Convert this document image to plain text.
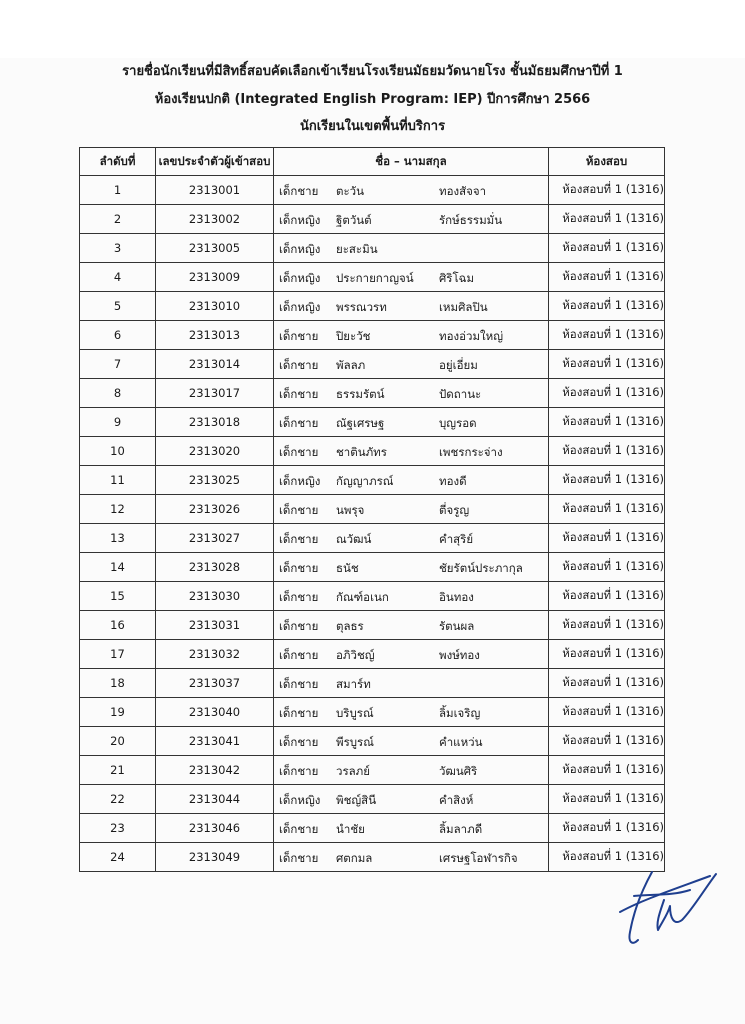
รายชื่อนักเรียนที่มีสิทธิ์สอบคัดเลือกเข้าเรียนโรงเรียนมัธยมวัดนายโรง ชั้นมัธยมศึกษาปีที่ 1
ห้องเรียนปกติ (Integrated English Program: IEP) ปีการศึกษา 2566
นักเรียนในเขตพื้นที่บริการ
ลำดับที่	เลขประจำตัวผู้เข้าสอบ	ชื่อ – นามสกุล	ห้องสอบ
1	2313001	เด็กชาย ตะวัน ทองสัจจา	ห้องสอบที่ 1 (1316)
2	2313002	เด็กหญิง ฐิตวันต์ รักษ์ธรรมมั่น	ห้องสอบที่ 1 (1316)
3	2313005	เด็กหญิง ยะสะมิน	ห้องสอบที่ 1 (1316)
4	2313009	เด็กหญิง ประกายกาญจน์ ศิริโฉม	ห้องสอบที่ 1 (1316)
5	2313010	เด็กหญิง พรรณวรท เหมศิลปิน	ห้องสอบที่ 1 (1316)
6	2313013	เด็กชาย ปิยะวัช ทองอ่วมใหญ่	ห้องสอบที่ 1 (1316)
7	2313014	เด็กชาย พัลลภ อยู่เอี่ยม	ห้องสอบที่ 1 (1316)
8	2313017	เด็กชาย ธรรมรัตน์ ปัดถานะ	ห้องสอบที่ 1 (1316)
9	2313018	เด็กชาย ณัฐเศรษฐ บุญรอด	ห้องสอบที่ 1 (1316)
10	2313020	เด็กชาย ชาตินภัทร เพชรกระจ่าง	ห้องสอบที่ 1 (1316)
11	2313025	เด็กหญิง กัญญาภรณ์ ทองดี	ห้องสอบที่ 1 (1316)
12	2313026	เด็กชาย นพรุจ ตี่จรูญ	ห้องสอบที่ 1 (1316)
13	2313027	เด็กชาย ณวัฒน์ คำสุริย์	ห้องสอบที่ 1 (1316)
14	2313028	เด็กชาย ธนัช ชัยรัตน์ประภากุล	ห้องสอบที่ 1 (1316)
15	2313030	เด็กชาย กัณฑ์อเนก อินทอง	ห้องสอบที่ 1 (1316)
16	2313031	เด็กชาย ตุลธร รัตนผล	ห้องสอบที่ 1 (1316)
17	2313032	เด็กชาย อภิวิชญ์ พงษ์ทอง	ห้องสอบที่ 1 (1316)
18	2313037	เด็กชาย สมาร์ท	ห้องสอบที่ 1 (1316)
19	2313040	เด็กชาย บริบูรณ์ ลิ้มเจริญ	ห้องสอบที่ 1 (1316)
20	2313041	เด็กชาย พีรบูรณ์ คำแหว่น	ห้องสอบที่ 1 (1316)
21	2313042	เด็กชาย วรลภย์ วัฒนศิริ	ห้องสอบที่ 1 (1316)
22	2313044	เด็กหญิง พิชญ์สินี คำสิงห์	ห้องสอบที่ 1 (1316)
23	2313046	เด็กชาย นำชัย ลิ้มลาภดี	ห้องสอบที่ 1 (1316)
24	2313049	เด็กชาย ศตกมล เศรษฐโอฬารกิจ	ห้องสอบที่ 1 (1316)
